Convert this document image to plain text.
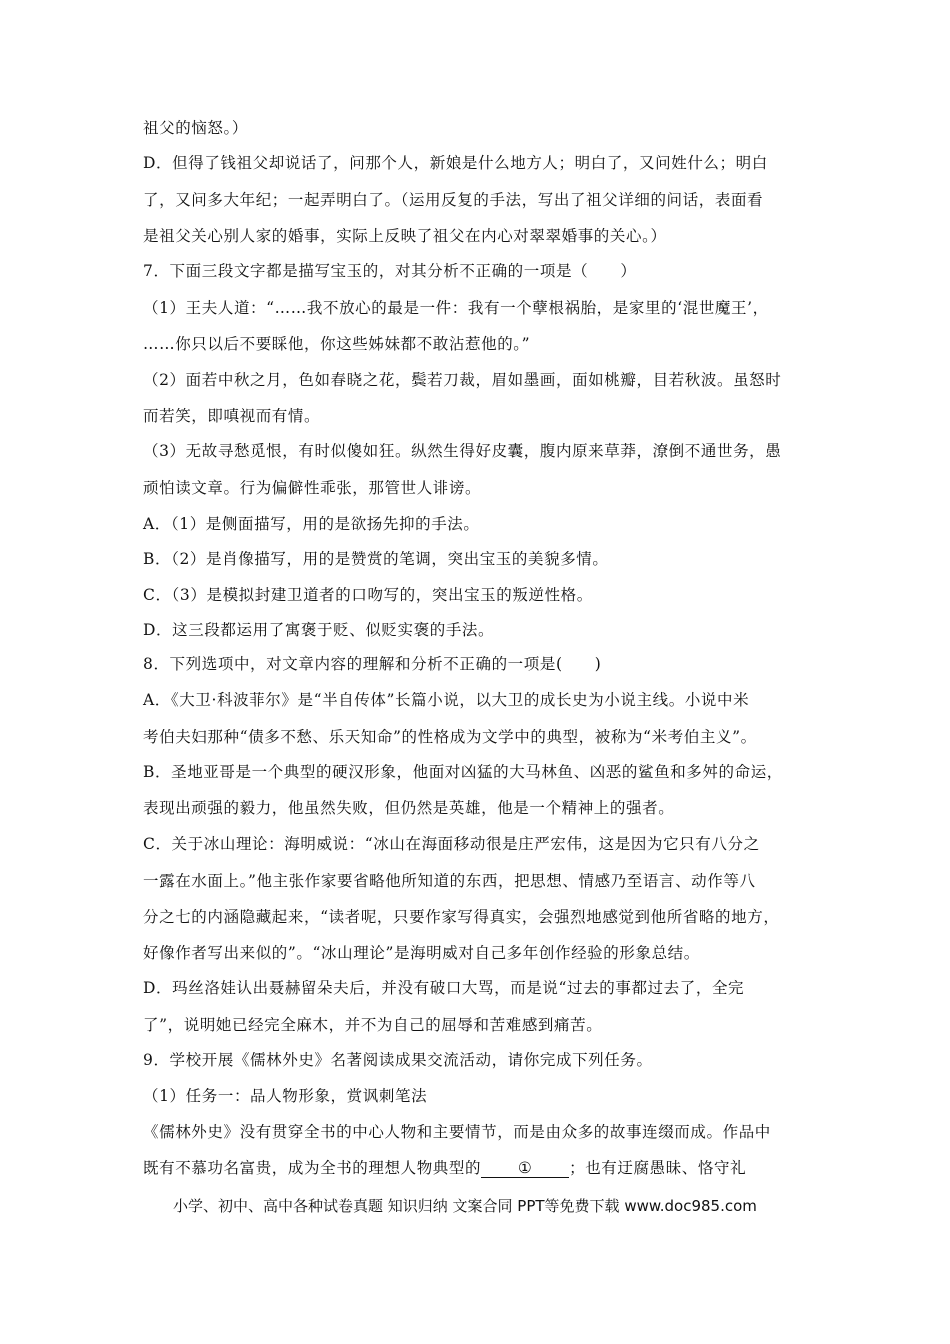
祖父的恼怒。）
D．但得了钱祖父却说话了，问那个人，新娘是什么地方人；明白了，又问姓什么；明白
了，又问多大年纪；一起弄明白了。（运用反复的手法，写出了祖父详细的问话，表面看
是祖父关心别人家的婚事，实际上反映了祖父在内心对翠翠婚事的关心。）
7．下面三段文字都是描写宝玉的，对其分析不正确的一项是（　　）
（1）王夫人道：“……我不放心的最是一件：我有一个孽根祸胎，是家里的‘混世魔王’，
……你只以后不要睬他，你这些姊妹都不敢沾惹他的。”
（2）面若中秋之月，色如春晓之花，鬓若刀裁，眉如墨画，面如桃瓣，目若秋波。虽怒时
而若笑，即嗔视而有情。
（3）无故寻愁觅恨，有时似傻如狂。纵然生得好皮囊，腹内原来草莽，潦倒不通世务，愚
顽怕读文章。行为偏僻性乖张，那管世人诽谤。
A．（1）是侧面描写，用的是欲扬先抑的手法。
B．（2）是肖像描写，用的是赞赏的笔调，突出宝玉的美貌多情。
C．（3）是模拟封建卫道者的口吻写的，突出宝玉的叛逆性格。
D．这三段都运用了寓褒于贬、似贬实褒的手法。
8．下列选项中，对文章内容的理解和分析不正确的一项是(　　)
A．《大卫·科波菲尔》是“半自传体”长篇小说，以大卫的成长史为小说主线。小说中米
考伯夫妇那种“债多不愁、乐天知命”的性格成为文学中的典型，被称为“米考伯主义”。
B．圣地亚哥是一个典型的硬汉形象，他面对凶猛的大马林鱼、凶恶的鲨鱼和多舛的命运，
表现出顽强的毅力，他虽然失败，但仍然是英雄，他是一个精神上的强者。
C．关于冰山理论：海明威说：“冰山在海面移动很是庄严宏伟，这是因为它只有八分之
一露在水面上。”他主张作家要省略他所知道的东西，把思想、情感乃至语言、动作等八
分之七的内涵隐藏起来，“读者呢，只要作家写得真实，会强烈地感觉到他所省略的地方，
好像作者写出来似的”。“冰山理论”是海明威对自己多年创作经验的形象总结。
D．玛丝洛娃认出聂赫留朵夫后，并没有破口大骂，而是说“过去的事都过去了，全完
了”，说明她已经完全麻木，并不为自己的屈辱和苦难感到痛苦。
9．学校开展《儒林外史》名著阅读成果交流活动，请你完成下列任务。
（1）任务一：品人物形象，赏讽刺笔法
《儒林外史》没有贯穿全书的中心人物和主要情节，而是由众多的故事连缀而成。作品中
既有不慕功名富贵，成为全书的理想人物典型的 ① ；也有迂腐愚昧、恪守礼
小学、初中、高中各种试卷真题 知识归纳 文案合同 PPT等免费下载 www.doc985.com
